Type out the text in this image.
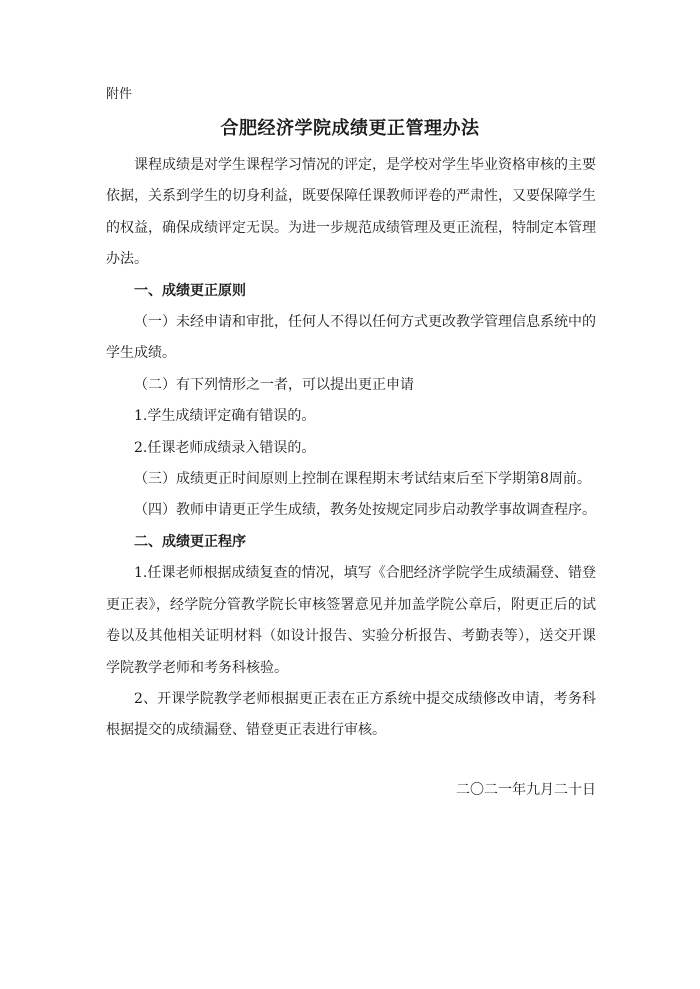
附件
合肥经济学院成绩更正管理办法

课程成绩是对学生课程学习情况的评定，是学校对学生毕业资格审核的主要依据，关系到学生的切身利益，既要保障任课教师评卷的严肃性，又要保障学生的权益，确保成绩评定无误。为进一步规范成绩管理及更正流程，特制定本管理办法。

一、成绩更正原则

（一）未经申请和审批，任何人不得以任何方式更改教学管理信息系统中的学生成绩。

（二）有下列情形之一者，可以提出更正申请

1.学生成绩评定确有错误的。

2.任课老师成绩录入错误的。

（三）成绩更正时间原则上控制在课程期末考试结束后至下学期第8周前。

（四）教师申请更正学生成绩，教务处按规定同步启动教学事故调查程序。

二、成绩更正程序

1.任课老师根据成绩复查的情况，填写《合肥经济学院学生成绩漏登、错登更正表》，经学院分管教学院长审核签署意见并加盖学院公章后，附更正后的试卷以及其他相关证明材料（如设计报告、实验分析报告、考勤表等），送交开课学院教学老师和考务科核验。

2、开课学院教学老师根据更正表在正方系统中提交成绩修改申请，考务科根据提交的成绩漏登、错登更正表进行审核。

二〇二一年九月二十日
